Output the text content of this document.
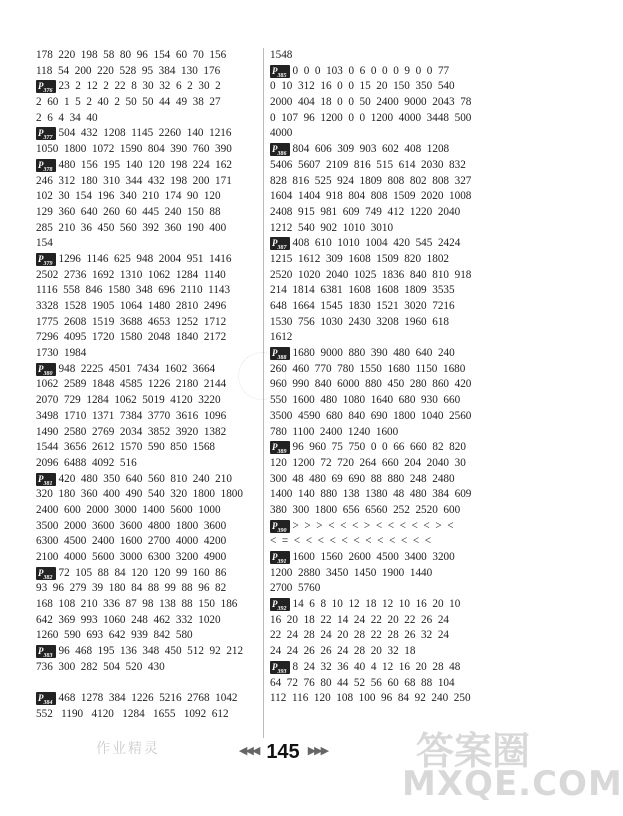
178  220  198  58  80  96  154  60  70  156
118  54  200  220  528  95  384  130  176
$P_{376}$ 23  2  12  2  22  8  30  32  6  2  30  2
2  60  1  5  2  40  2  50  50  44  49  38  27
2  6  4  34  40
$P_{377}$ 504  432  1208  1145  2260  140  1216
1050  1800  1072  1590  804  390  760  390
$P_{378}$ 480  156  195  140  120  198  224  162
246  312  180  310  344  432  198  200  171
102  30  154  196  340  210  174  90  120
129  360  640  260  60  445  240  150  88
285  210  36  450  560  392  360  190  400
154
$P_{379}$ 1296  1146  625  948  2004  951  1416
2502  2736  1692  1310  1062  1284  1140
1116  558  846  1580  348  696  2110  1143
3328  1528  1905  1064  1480  2810  2496
1775  2608  1519  3688  4653  1252  1712
7296  4095  1720  1580  2048  1840  2172
1730  1984
$P_{380}$ 948  2225  4501  7434  1602  3664
1062  2589  1848  4585  1226  2180  2144
2070  729  1284  1062  5019  4120  3220
3498  1710  1371  7384  3770  3616  1096
1490  2580  2769  2034  3852  3920  1382
1544  3656  2612  1570  590  850  1568
2096  6488  4092  516
$P_{381}$ 420  480  350  640  560  810  240  210
320  180  360  400  490  540  320  1800  1800
2400  600  2000  3000  1400  5600  1000
3500  2000  3600  3600  4800  1800  3600
6300  4500  2400  1600  2700  4000  4200
2100  4000  5600  3000  6300  3200  4900
$P_{382}$ 72  105  88  84  120  120  99  160  86
93  96  279  39  180  84  88  99  88  96  82
168  108  210  336  87  98  138  88  150  186
642  369  993  1060  248  462  332  1020
1260  590  693  642  939  842  580
$P_{383}$ 96  468  195  136  348  450  512  92  212
736  300  282  504  520  430
$P_{384}$ 468  1278  384  1226  5216  2768  1042
552   1190   4120   1284   1655   1092  612
1548
$P_{385}$ 0  0  0  103  0  6  0  0  0  9  0  0  77
0  10  312  16  0  0  15  20  150  350  540
2000  404  18  0  0  50  2400  9000  2043  78
0  107  96  1200  0  0  1200  4000  3448  500
4000
$P_{386}$ 804  606  309  903  602  408  1208
5406  5607  2109  816  515  614  2030  832
828  816  525  924  1809  808  802  808  327
1604  1404  918  804  808  1509  2020  1008
2408  915  981  609  749  412  1220  2040
1212  540  902  1010  3010
$P_{387}$ 408  610  1010  1004  420  545  2424
1215  1612  309  1608  1509  820  1802
2520  1020  2040  1025  1836  840  810  918
214  1814  6381  1608  1608  1809  3535
648  1664  1545  1830  1521  3020  7216
1530  756  1030  2430  3208  1960  618
1612
$P_{388}$ 1680  9000  880  390  480  640  240
260  460  770  780  1550  1680  1150  1680
960  990  840  6000  880  450  280  860  420
550  1600  480  1080  1640  680  930  660
3500  4590  680  840  690  1800  1040  2560
780  1100  2400  1240  1600
$P_{389}$ 96  960  75  750  0  0  66  660  82  820
120  1200  72  720  264  660  204  2040  30
300  48  480  69  690  88  880  248  2480
1400  140  880  138  1380  48  480  384  609
380  300  1800  656  6560  252  2520  600
$P_{390}$ >  >  >  <  <  <  >  <  <  <  <  <  >  <
<  =  <  <  <  <  <  <  <  <  <  <  <  <
$P_{391}$ 1600  1560  2600  4500  3400  3200
1200  2880  3450  1450  1900  1440
2700  5760
$P_{392}$ 14  6  8  10  12  18  12  10  16  20  10
16  20  18  22  14  24  22  20  22  26  24
22  24  28  24  20  28  22  28  26  32  24
24  24  26  26  24  28  20  32  18
$P_{393}$ 8  24  32  36  40  4  12  16  20  28  48
64  72  76  80  44  52  56  60  68  88  104
112  116  120  108  100  96  84  92  240  250
作业精灵	◀◀◀ 145 ▶▶▶	答案圈
MXQE.COM
